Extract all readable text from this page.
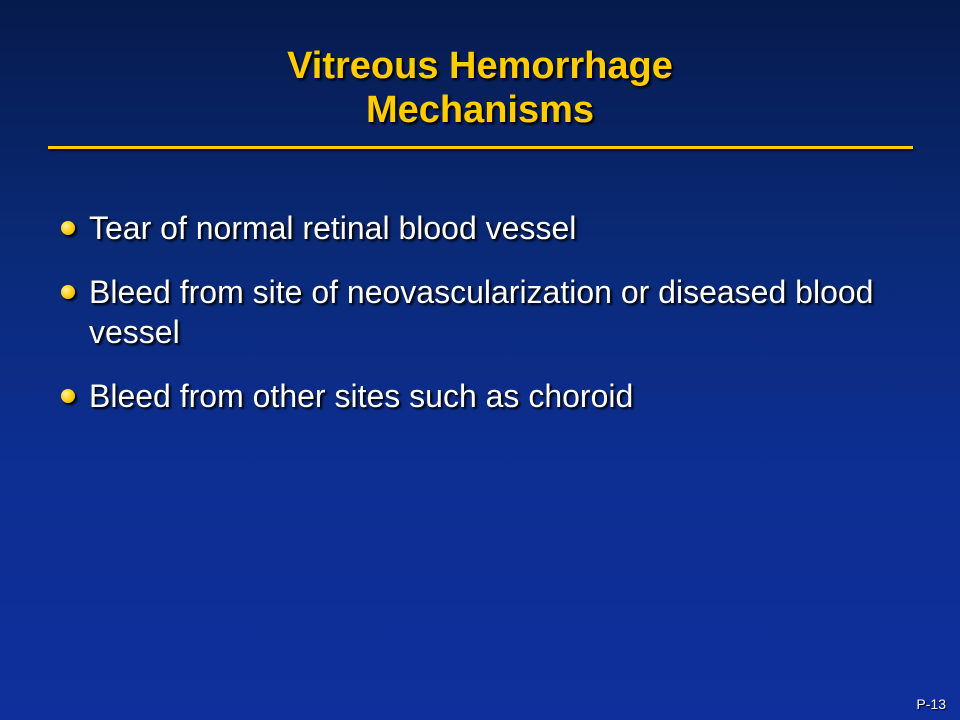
Vitreous Hemorrhage
Mechanisms
Tear of normal retinal blood vessel
Bleed from site of neovascularization or diseased blood vessel
Bleed from other sites such as choroid
P-13
